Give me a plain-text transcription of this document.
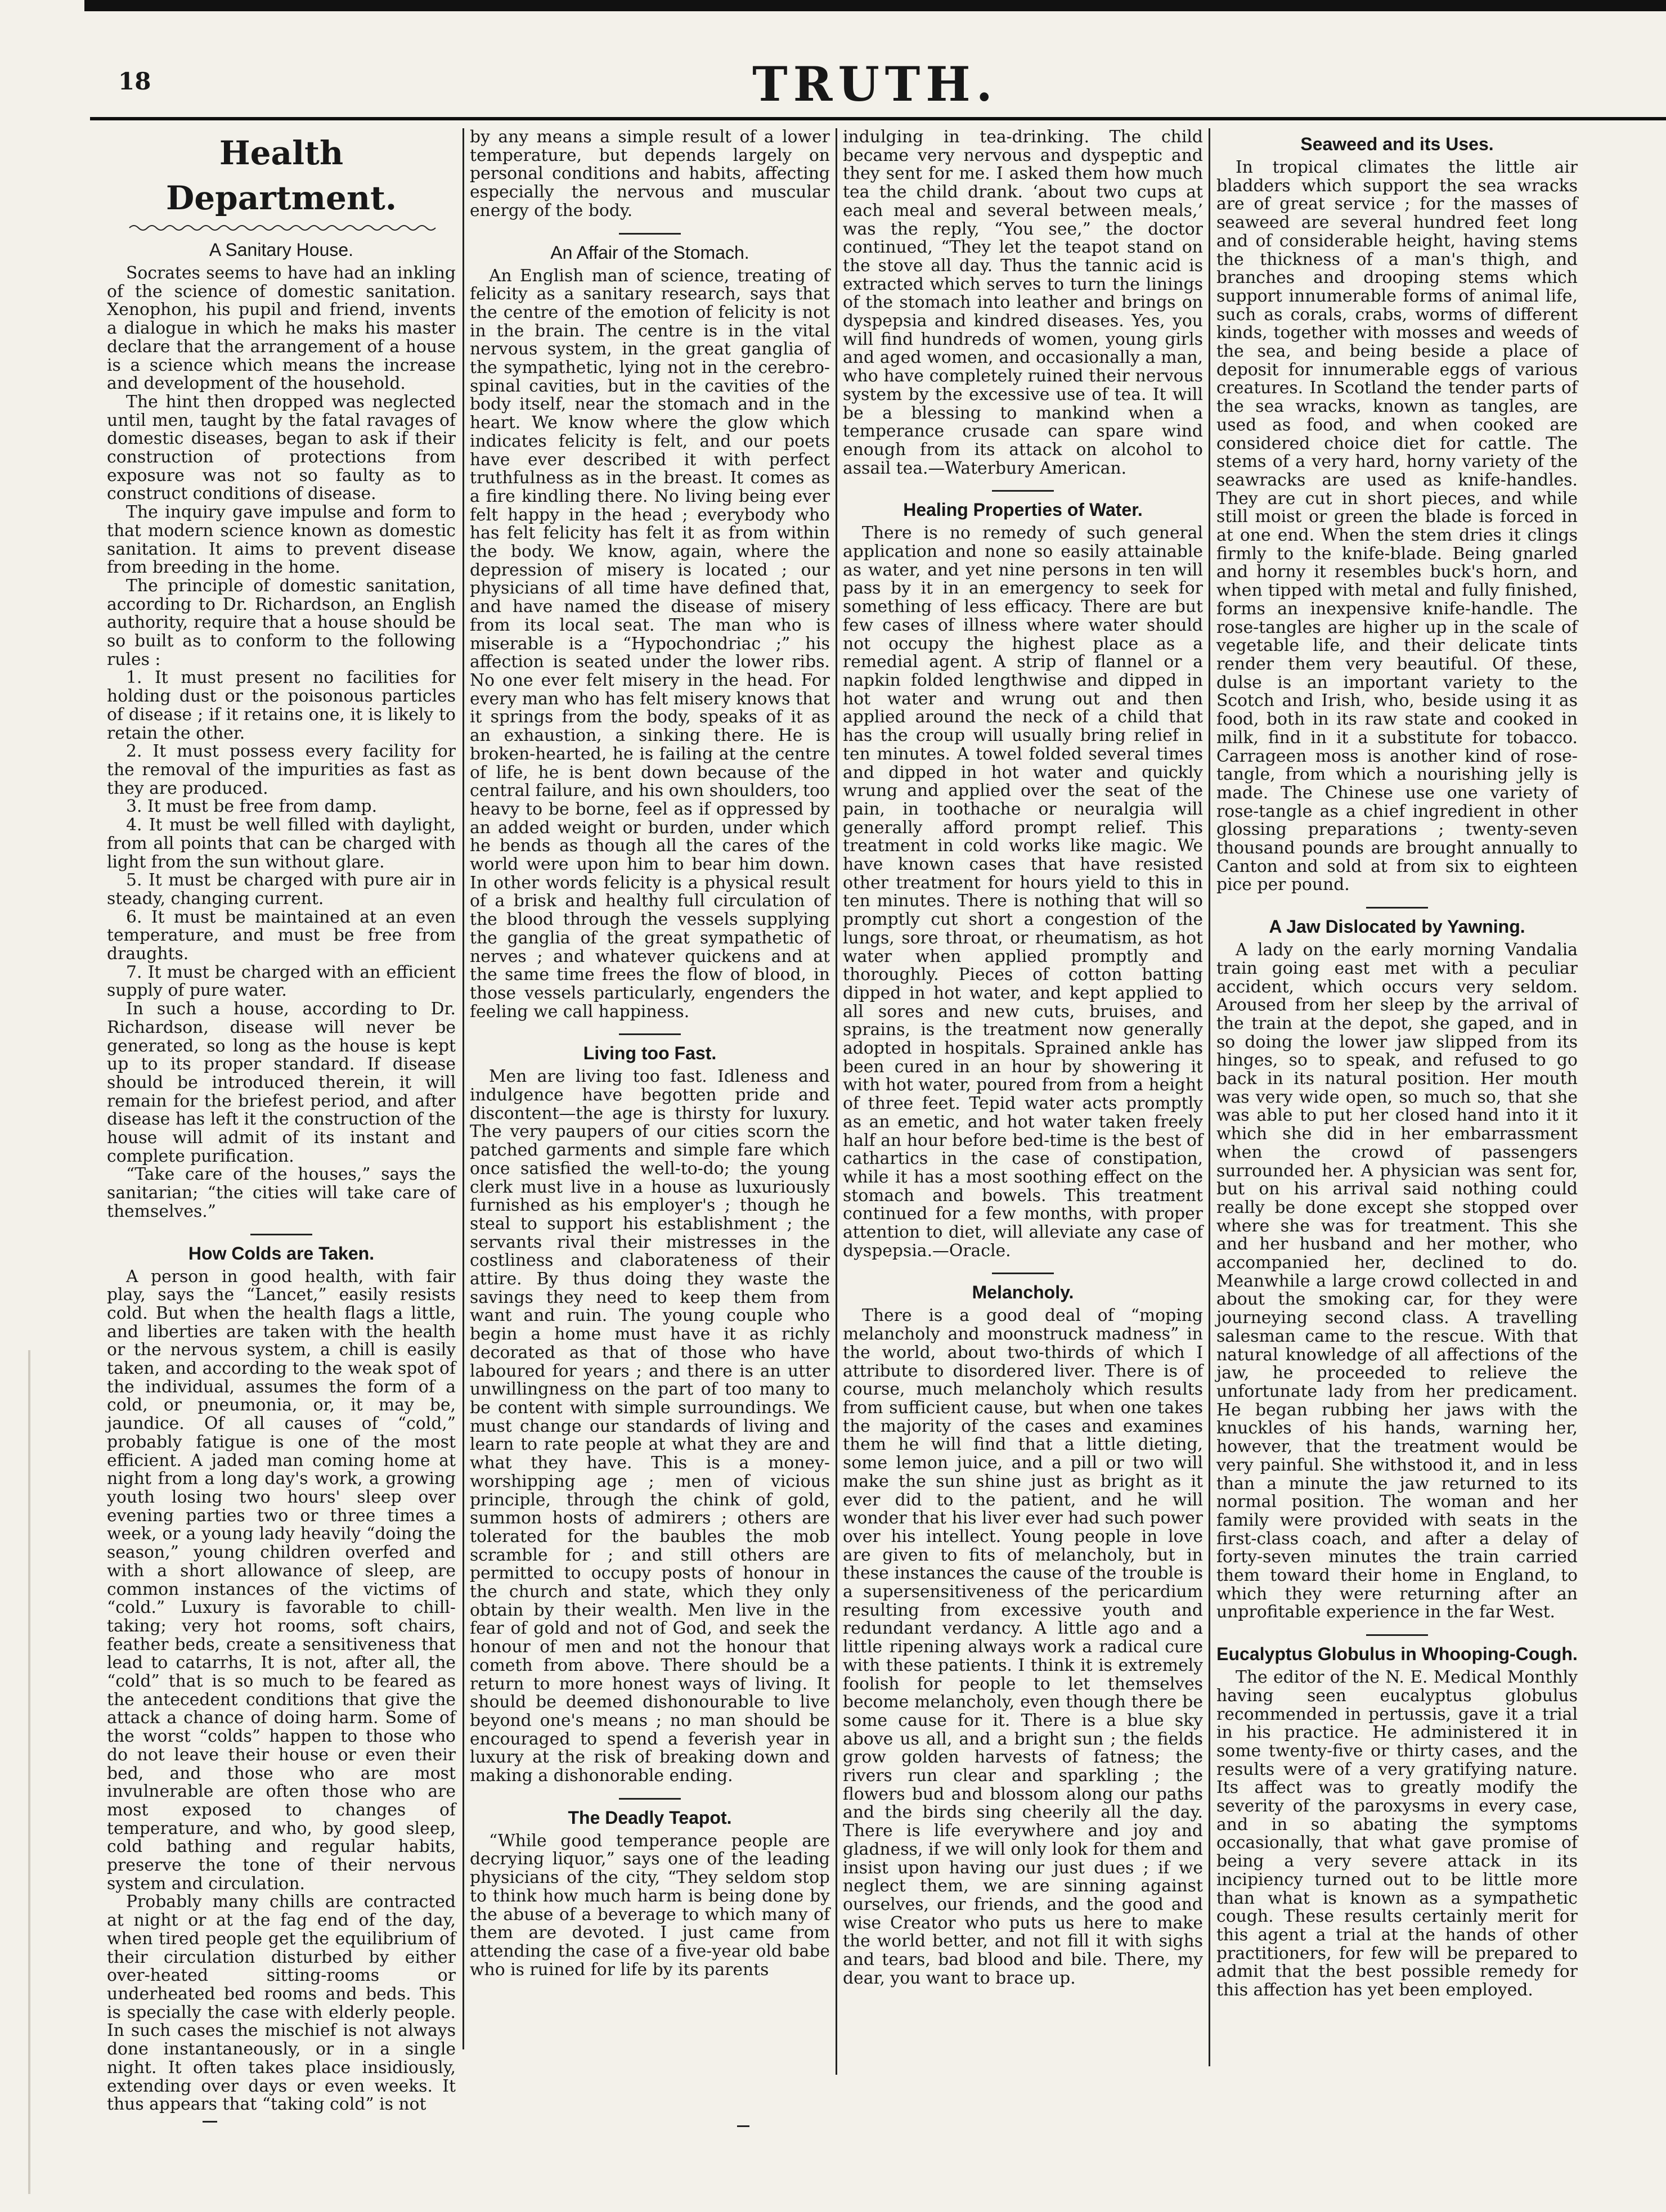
18	TRUTH.
Health Department.
A Sanitary House.

Socrates seems to have had an inkling of the science of domestic sanitation. Xenophon, his pupil and friend, invents a dialogue in which he maks his master declare that the arrangement of a house is a science which means the increase and development of the household.

The hint then dropped was neglected until men, taught by the fatal ravages of domestic diseases, began to ask if their construction of protections from exposure was not so faulty as to construct conditions of disease.

The inquiry gave impulse and form to that modern science known as domestic sanitation. It aims to prevent disease from breeding in the home.

The principle of domestic sanitation, according to Dr. Richardson, an English authority, require that a house should be so built as to conform to the following rules :

1. It must present no facilities for holding dust or the poisonous particles of disease ; if it retains one, it is likely to retain the other.

2. It must possess every facility for the removal of the impurities as fast as they are produced.

3. It must be free from damp.

4. It must be well filled with daylight, from all points that can be charged with light from the sun without glare.

5. It must be charged with pure air in steady, changing current.

6. It must be maintained at an even temperature, and must be free from draughts.

7. It must be charged with an efficient supply of pure water.

In such a house, according to Dr. Richardson, disease will never be generated, so long as the house is kept up to its proper standard. If disease should be introduced therein, it will remain for the briefest period, and after disease has left it the construction of the house will admit of its instant and complete purification.

“Take care of the houses,” says the sanitarian; “the cities will take care of themselves.”

How Colds are Taken.

A person in good health, with fair play, says the “Lancet,” easily resists cold. But when the health flags a little, and liberties are taken with the health or the nervous system, a chill is easily taken, and according to the weak spot of the individual, assumes the form of a cold, or pneumonia, or, it may be, jaundice. Of all causes of “cold,” probably fatigue is one of the most efficient. A jaded man coming home at night from a long day's work, a growing youth losing two hours' sleep over evening parties two or three times a week, or a young lady heavily “doing the season,” young children overfed and with a short allowance of sleep, are common instances of the victims of “cold.” Luxury is favorable to chill-taking; very hot rooms, soft chairs, feather beds, create a sensitiveness that lead to catarrhs, It is not, after all, the “cold” that is so much to be feared as the antecedent conditions that give the attack a chance of doing harm. Some of the worst “colds” happen to those who do not leave their house or even their bed, and those who are most invulnerable are often those who are most exposed to changes of temperature, and who, by good sleep, cold bathing and regular habits, preserve the tone of their nervous system and circulation.

Probably many chills are contracted at night or at the fag end of the day, when tired people get the equilibrium of their circulation disturbed by either over-heated sitting-rooms or underheated bed rooms and beds. This is specially the case with elderly people. In such cases the mischief is not always done instantaneously, or in a single night. It often takes place insidiously, extending over days or even weeks. It thus appears that “taking cold” is not

by any means a simple result of a lower temperature, but depends largely on personal conditions and habits, affecting especially the nervous and muscular energy of the body.

An Affair of the Stomach.

An English man of science, treating of felicity as a sanitary research, says that the centre of the emotion of felicity is not in the brain. The centre is in the vital nervous system, in the great ganglia of the sympathetic, lying not in the cerebro-spinal cavities, but in the cavities of the body itself, near the stomach and in the heart. We know where the glow which indicates felicity is felt, and our poets have ever described it with perfect truthfulness as in the breast. It comes as a fire kindling there. No living being ever felt happy in the head ; everybody who has felt felicity has felt it as from within the body. We know, again, where the depression of misery is located ; our physicians of all time have defined that, and have named the disease of misery from its local seat. The man who is miserable is a “Hypochondriac ;” his affection is seated under the lower ribs. No one ever felt misery in the head. For every man who has felt misery knows that it springs from the body, speaks of it as an exhaustion, a sinking there. He is broken-hearted, he is failing at the centre of life, he is bent down because of the central failure, and his own shoulders, too heavy to be borne, feel as if oppressed by an added weight or burden, under which he bends as though all the cares of the world were upon him to bear him down. In other words felicity is a physical result of a brisk and healthy full circulation of the blood through the vessels supplying the ganglia of the great sympathetic of nerves ; and whatever quickens and at the same time frees the flow of blood, in those vessels particularly, engenders the feeling we call happiness.

Living too Fast.

Men are living too fast. Idleness and indulgence have begotten pride and discontent—the age is thirsty for luxury. The very paupers of our cities scorn the patched garments and simple fare which once satisfied the well-to-do; the young clerk must live in a house as luxuriously furnished as his employer's ; though he steal to support his establishment ; the servants rival their mistresses in the costliness and claborateness of their attire. By thus doing they waste the savings they need to keep them from want and ruin. The young couple who begin a home must have it as richly decorated as that of those who have laboured for years ; and there is an utter unwillingness on the part of too many to be content with simple surroundings. We must change our standards of living and learn to rate people at what they are and what they have. This is a money-worshipping age ; men of vicious principle, through the chink of gold, summon hosts of admirers ; others are tolerated for the baubles the mob scramble for ; and still others are permitted to occupy posts of honour in the church and state, which they only obtain by their wealth. Men live in the fear of gold and not of God, and seek the honour of men and not the honour that cometh from above. There should be a return to more honest ways of living. It should be deemed dishonourable to live beyond one's means ; no man should be encouraged to spend a feverish year in luxury at the risk of breaking down and making a dishonorable ending.

The Deadly Teapot.

“While good temperance people are decrying liquor,” says one of the leading physicians of the city, “They seldom stop to think how much harm is being done by the abuse of a beverage to which many of them are devoted. I just came from attending the case of a five-year old babe who is ruined for life by its parents

indulging in tea-drinking. The child became very nervous and dyspeptic and they sent for me. I asked them how much tea the child drank. ‘about two cups at each meal and several between meals,’ was the reply, “You see,” the doctor continued, “They let the teapot stand on the stove all day. Thus the tannic acid is extracted which serves to turn the linings of the stomach into leather and brings on dyspepsia and kindred diseases. Yes, you will find hundreds of women, young girls and aged women, and occasionally a man, who have completely ruined their nervous system by the excessive use of tea. It will be a blessing to mankind when a temperance crusade can spare wind enough from its attack on alcohol to assail tea.—Waterbury American.

Healing Properties of Water.

There is no remedy of such general application and none so easily attainable as water, and yet nine persons in ten will pass by it in an emergency to seek for something of less efficacy. There are but few cases of illness where water should not occupy the highest place as a remedial agent. A strip of flannel or a napkin folded lengthwise and dipped in hot water and wrung out and then applied around the neck of a child that has the croup will usually bring relief in ten minutes. A towel folded several times and dipped in hot water and quickly wrung and applied over the seat of the pain, in toothache or neuralgia will generally afford prompt relief. This treatment in cold works like magic. We have known cases that have resisted other treatment for hours yield to this in ten minutes. There is nothing that will so promptly cut short a congestion of the lungs, sore throat, or rheumatism, as hot water when applied promptly and thoroughly. Pieces of cotton batting dipped in hot water, and kept applied to all sores and new cuts, bruises, and sprains, is the treatment now generally adopted in hospitals. Sprained ankle has been cured in an hour by showering it with hot water, poured from from a height of three feet. Tepid water acts promptly as an emetic, and hot water taken freely half an hour before bed-time is the best of cathartics in the case of constipation, while it has a most soothing effect on the stomach and bowels. This treatment continued for a few months, with proper attention to diet, will alleviate any case of dyspepsia.—Oracle.

Melancholy.

There is a good deal of “moping melancholy and moonstruck madness” in the world, about two-thirds of which I attribute to disordered liver. There is of course, much melancholy which results from sufficient cause, but when one takes the majority of the cases and examines them he will find that a little dieting, some lemon juice, and a pill or two will make the sun shine just as bright as it ever did to the patient, and he will wonder that his liver ever had such power over his intellect. Young people in love are given to fits of melancholy, but in these instances the cause of the trouble is a supersensitiveness of the pericardium resulting from excessive youth and redundant verdancy. A little ago and a little ripening always work a radical cure with these patients. I think it is extremely foolish for people to let themselves become melancholy, even though there be some cause for it. There is a blue sky above us all, and a bright sun ; the fields grow golden harvests of fatness; the rivers run clear and sparkling ; the flowers bud and blossom along our paths and the birds sing cheerily all the day. There is life everywhere and joy and gladness, if we will only look for them and insist upon having our just dues ; if we neglect them, we are sinning against ourselves, our friends, and the good and wise Creator who puts us here to make the world better, and not fill it with sighs and tears, bad blood and bile. There, my dear, you want to brace up.

Seaweed and its Uses.

In tropical climates the little air bladders which support the sea wracks are of great service ; for the masses of seaweed are several hundred feet long and of considerable height, having stems the thickness of a man's thigh, and branches and drooping stems which support innumerable forms of animal life, such as corals, crabs, worms of different kinds, together with mosses and weeds of the sea, and being beside a place of deposit for innumerable eggs of various creatures. In Scotland the tender parts of the sea wracks, known as tangles, are used as food, and when cooked are considered choice diet for cattle. The stems of a very hard, horny variety of the seawracks are used as knife-handles. They are cut in short pieces, and while still moist or green the blade is forced in at one end. When the stem dries it clings firmly to the knife-blade. Being gnarled and horny it resembles buck's horn, and when tipped with metal and fully finished, forms an inexpensive knife-handle. The rose-tangles are higher up in the scale of vegetable life, and their delicate tints render them very beautiful. Of these, dulse is an important variety to the Scotch and Irish, who, beside using it as food, both in its raw state and cooked in milk, find in it a substitute for tobacco. Carrageen moss is another kind of rose-tangle, from which a nourishing jelly is made. The Chinese use one variety of rose-tangle as a chief ingredient in other glossing preparations ; twenty-seven thousand pounds are brought annually to Canton and sold at from six to eighteen pice per pound.

A Jaw Dislocated by Yawning.

A lady on the early morning Vandalia train going east met with a peculiar accident, which occurs very seldom. Aroused from her sleep by the arrival of the train at the depot, she gaped, and in so doing the lower jaw slipped from its hinges, so to speak, and refused to go back in its natural position. Her mouth was very wide open, so much so, that she was able to put her closed hand into it it which she did in her embarrassment when the crowd of passengers surrounded her. A physician was sent for, but on his arrival said nothing could really be done except she stopped over where she was for treatment. This she and her husband and her mother, who accompanied her, declined to do. Meanwhile a large crowd collected in and about the smoking car, for they were journeying second class. A travelling salesman came to the rescue. With that natural knowledge of all affections of the jaw, he proceeded to relieve the unfortunate lady from her predicament. He began rubbing her jaws with the knuckles of his hands, warning her, however, that the treatment would be very painful. She withstood it, and in less than a minute the jaw returned to its normal position. The woman and her family were provided with seats in the first-class coach, and after a delay of forty-seven minutes the train carried them toward their home in England, to which they were returning after an unprofitable experience in the far West.

Eucalyptus Globulus in Whooping-Cough.

The editor of the N. E. Medical Monthly having seen eucalyptus globulus recommended in pertussis, gave it a trial in his practice. He administered it in some twenty-five or thirty cases, and the results were of a very gratifying nature. Its affect was to greatly modify the severity of the paroxysms in every case, and in so abating the symptoms occasionally, that what gave promise of being a very severe attack in its incipiency turned out to be little more than what is known as a sympathetic cough. These results certainly merit for this agent a trial at the hands of other practitioners, for few will be prepared to admit that the best possible remedy for this affection has yet been employed.
